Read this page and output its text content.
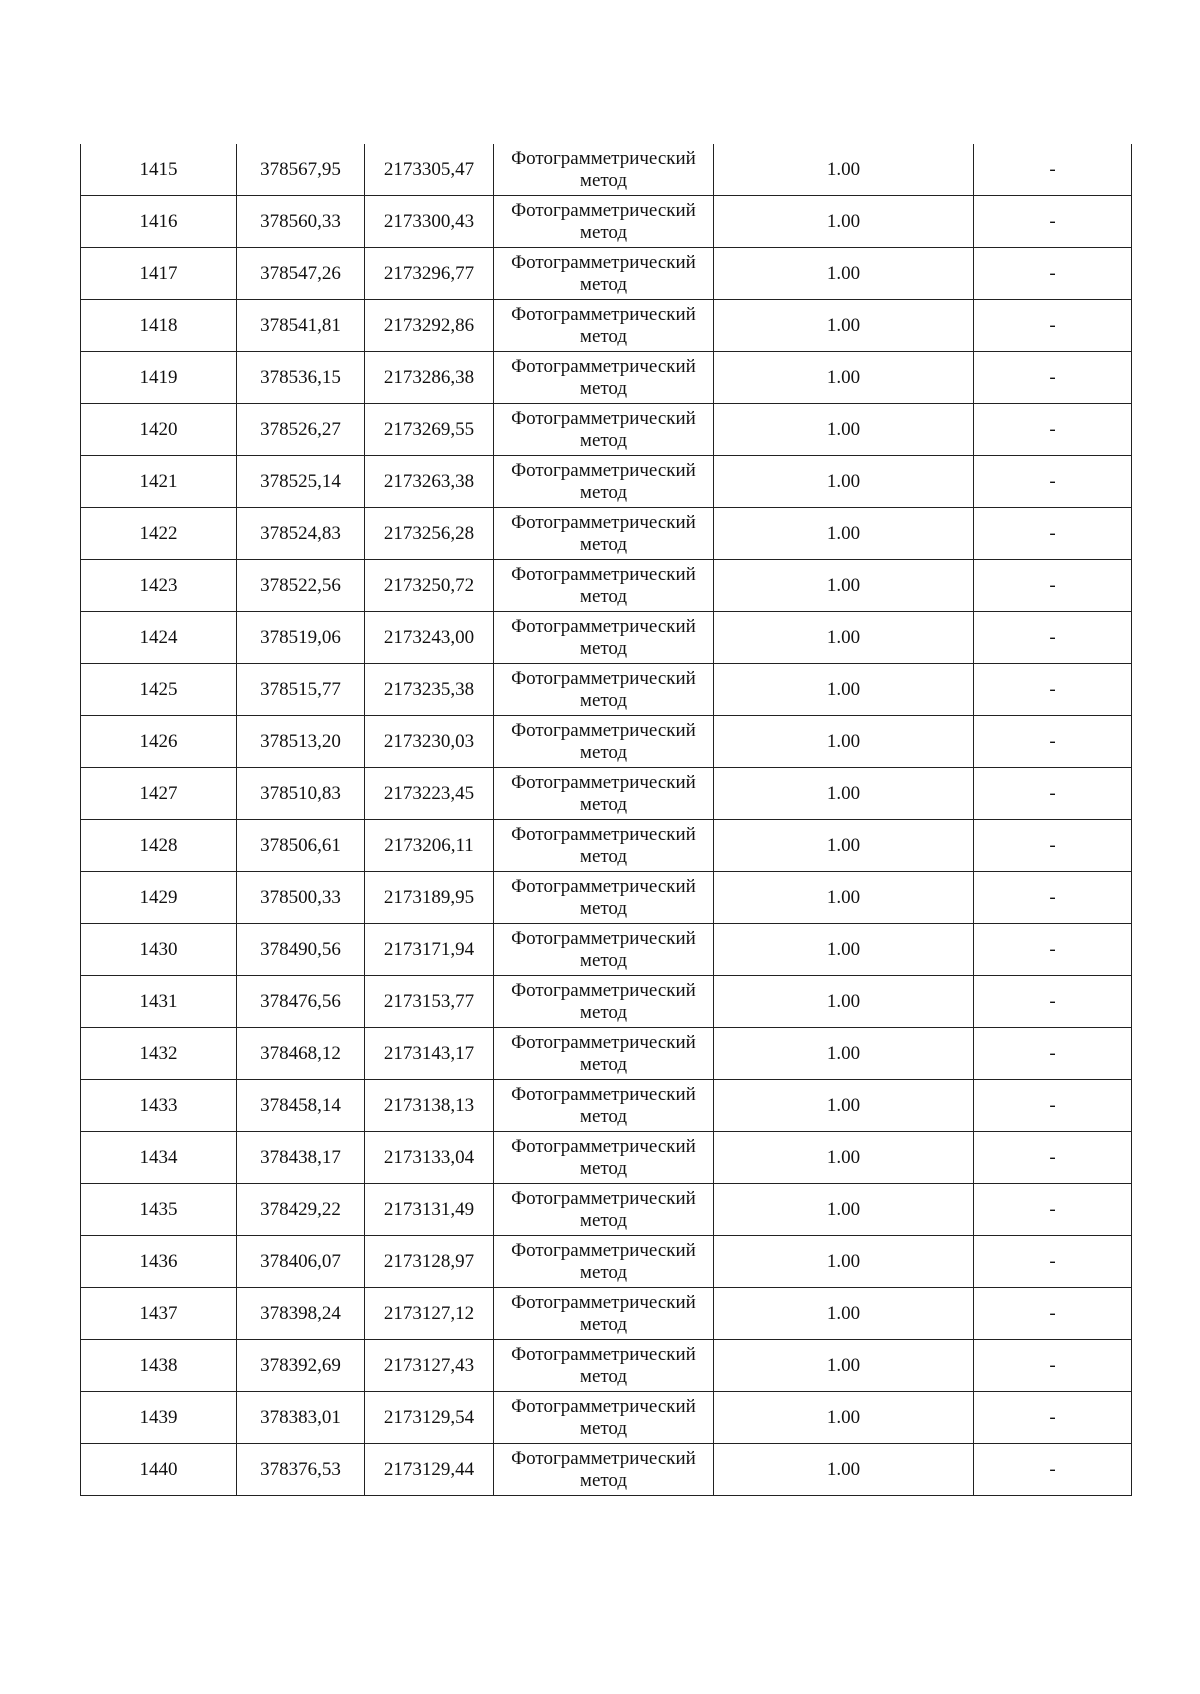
1415	378567,95	2173305,47	Фотограмметрический
метод	1.00	-
1416	378560,33	2173300,43	Фотограмметрический
метод	1.00	-
1417	378547,26	2173296,77	Фотограмметрический
метод	1.00	-
1418	378541,81	2173292,86	Фотограмметрический
метод	1.00	-
1419	378536,15	2173286,38	Фотограмметрический
метод	1.00	-
1420	378526,27	2173269,55	Фотограмметрический
метод	1.00	-
1421	378525,14	2173263,38	Фотограмметрический
метод	1.00	-
1422	378524,83	2173256,28	Фотограмметрический
метод	1.00	-
1423	378522,56	2173250,72	Фотограмметрический
метод	1.00	-
1424	378519,06	2173243,00	Фотограмметрический
метод	1.00	-
1425	378515,77	2173235,38	Фотограмметрический
метод	1.00	-
1426	378513,20	2173230,03	Фотограмметрический
метод	1.00	-
1427	378510,83	2173223,45	Фотограмметрический
метод	1.00	-
1428	378506,61	2173206,11	Фотограмметрический
метод	1.00	-
1429	378500,33	2173189,95	Фотограмметрический
метод	1.00	-
1430	378490,56	2173171,94	Фотограмметрический
метод	1.00	-
1431	378476,56	2173153,77	Фотограмметрический
метод	1.00	-
1432	378468,12	2173143,17	Фотограмметрический
метод	1.00	-
1433	378458,14	2173138,13	Фотограмметрический
метод	1.00	-
1434	378438,17	2173133,04	Фотограмметрический
метод	1.00	-
1435	378429,22	2173131,49	Фотограмметрический
метод	1.00	-
1436	378406,07	2173128,97	Фотограмметрический
метод	1.00	-
1437	378398,24	2173127,12	Фотограмметрический
метод	1.00	-
1438	378392,69	2173127,43	Фотограмметрический
метод	1.00	-
1439	378383,01	2173129,54	Фотограмметрический
метод	1.00	-
1440	378376,53	2173129,44	Фотограмметрический
метод	1.00	-
